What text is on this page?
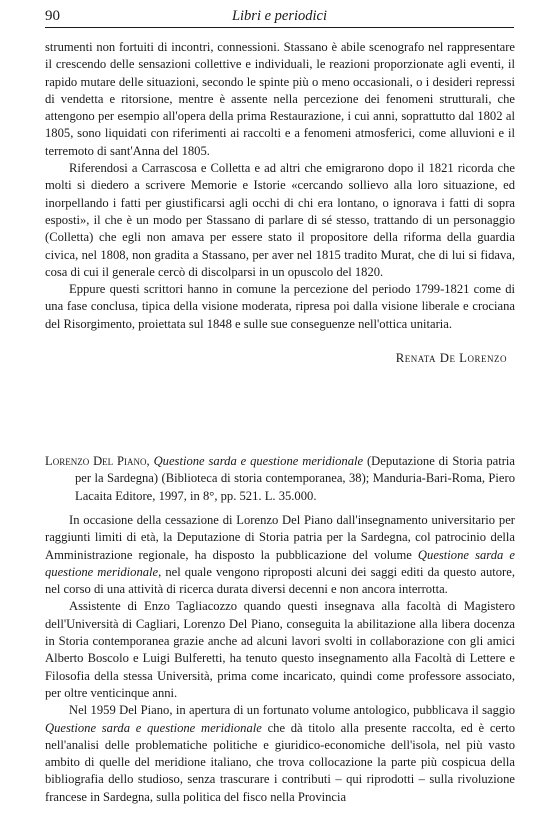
90	Libri e periodici

strumenti non fortuiti di incontri, connessioni. Stassano è abile scenografo nel rappresentare il crescendo delle sensazioni collettive e individuali, le reazioni proporzionate agli eventi, il rapido mutare delle situazioni, secondo le spinte più o meno occasionali, o i desideri repressi di vendetta e ritorsione, mentre è assente nella percezione dei fenomeni strutturali, che attengono per esempio all'opera della prima Restaurazione, i cui anni, soprattutto dal 1802 al 1805, sono liquidati con riferimenti ai raccolti e a fenomeni atmosferici, come alluvioni e il terremoto di sant'Anna del 1805.

Riferendosi a Carrascosa e Colletta e ad altri che emigrarono dopo il 1821 ricorda che molti si diedero a scrivere Memorie e Istorie «cercando sollievo alla loro situazione, ed inorpellando i fatti per giustificarsi agli occhi di chi era lontano, o ignorava i fatti di sopra esposti», il che è un modo per Stassano di parlare di sé stesso, trattando di un personaggio (Colletta) che egli non amava per essere stato il propositore della riforma della guardia civica, nel 1808, non gradita a Stassano, per aver nel 1815 tradito Murat, che di lui si fidava, cosa di cui il generale cercò di discolparsi in un opuscolo del 1820.

Eppure questi scrittori hanno in comune la percezione del periodo 1799-1821 come di una fase conclusa, tipica della visione moderata, ripresa poi dalla visione liberale e crociana del Risorgimento, proiettata sul 1848 e sulle sue conseguenze nell'ottica unitaria.

Renata De Lorenzo

Lorenzo Del Piano, Questione sarda e questione meridionale (Deputazione di Storia patria per la Sardegna) (Biblioteca di storia contemporanea, 38); Manduria-Bari-Roma, Piero Lacaita Editore, 1997, in 8°, pp. 521. L. 35.000.

In occasione della cessazione di Lorenzo Del Piano dall'insegnamento universitario per raggiunti limiti di età, la Deputazione di Storia patria per la Sardegna, col patrocinio della Amministrazione regionale, ha disposto la pubblicazione del volume Questione sarda e questione meridionale, nel quale vengono riproposti alcuni dei saggi editi da questo autore, nel corso di una attività di ricerca durata diversi decenni e non ancora interrotta.

Assistente di Enzo Tagliacozzo quando questi insegnava alla facoltà di Magistero dell'Università di Cagliari, Lorenzo Del Piano, conseguita la abilitazione alla libera docenza in Storia contemporanea grazie anche ad alcuni lavori svolti in collaborazione con gli amici Alberto Boscolo e Luigi Bulferetti, ha tenuto questo insegnamento alla Facoltà di Lettere e Filosofia della stessa Università, prima come incaricato, quindi come professore associato, per oltre venticinque anni.

Nel 1959 Del Piano, in apertura di un fortunato volume antologico, pubblicava il saggio Questione sarda e questione meridionale che dà titolo alla presente raccolta, ed è certo nell'analisi delle problematiche politiche e giuridico-economiche dell'isola, nel più vasto ambito di quelle del meridione italiano, che trova collocazione la parte più cospicua della bibliografia dello studioso, senza trascurare i contributi – qui riprodotti – sulla rivoluzione francese in Sardegna, sulla politica del fisco nella Provincia
